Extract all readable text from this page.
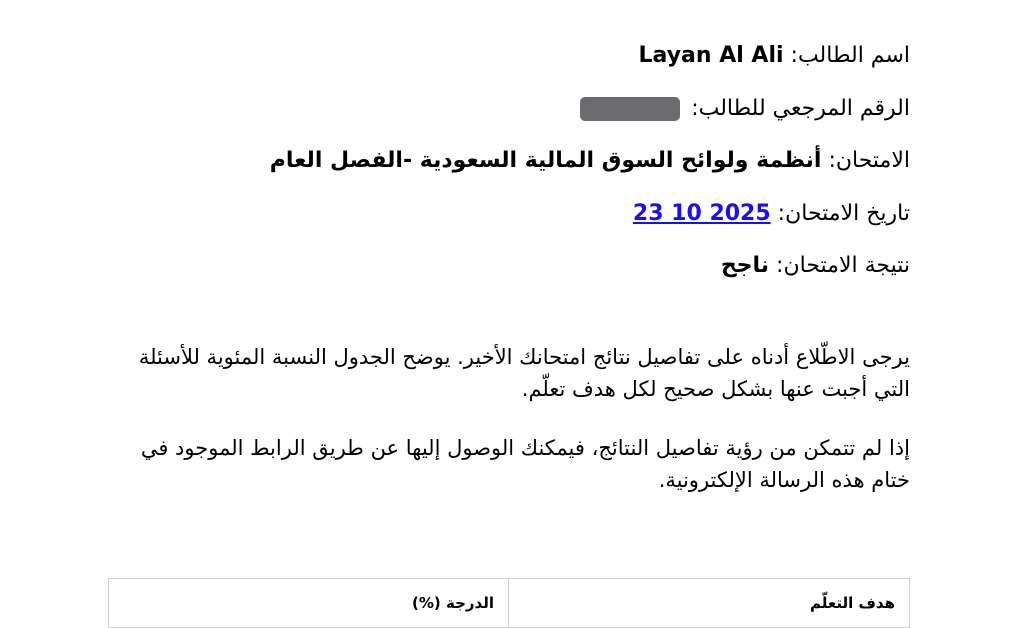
اسم الطالب: Layan Al Ali

الرقم المرجعي للطالب:

الامتحان: أنظمة ولوائح السوق المالية السعودية -الفصل العام

تاريخ الامتحان: 23 10 2025

نتيجة الامتحان: ناجح

يرجى الاطّلاع أدناه على تفاصيل نتائج امتحانك الأخير. يوضح الجدول النسبة المئوية للأسئلة التي أجبت عنها بشكل صحيح لكل هدف تعلّم.

إذا لم تتمكن من رؤية تفاصيل النتائج، فيمكنك الوصول إليها عن طريق الرابط الموجود في ختام هذه الرسالة الإلكترونية.

هدف التعلّم	الدرجة (%)
